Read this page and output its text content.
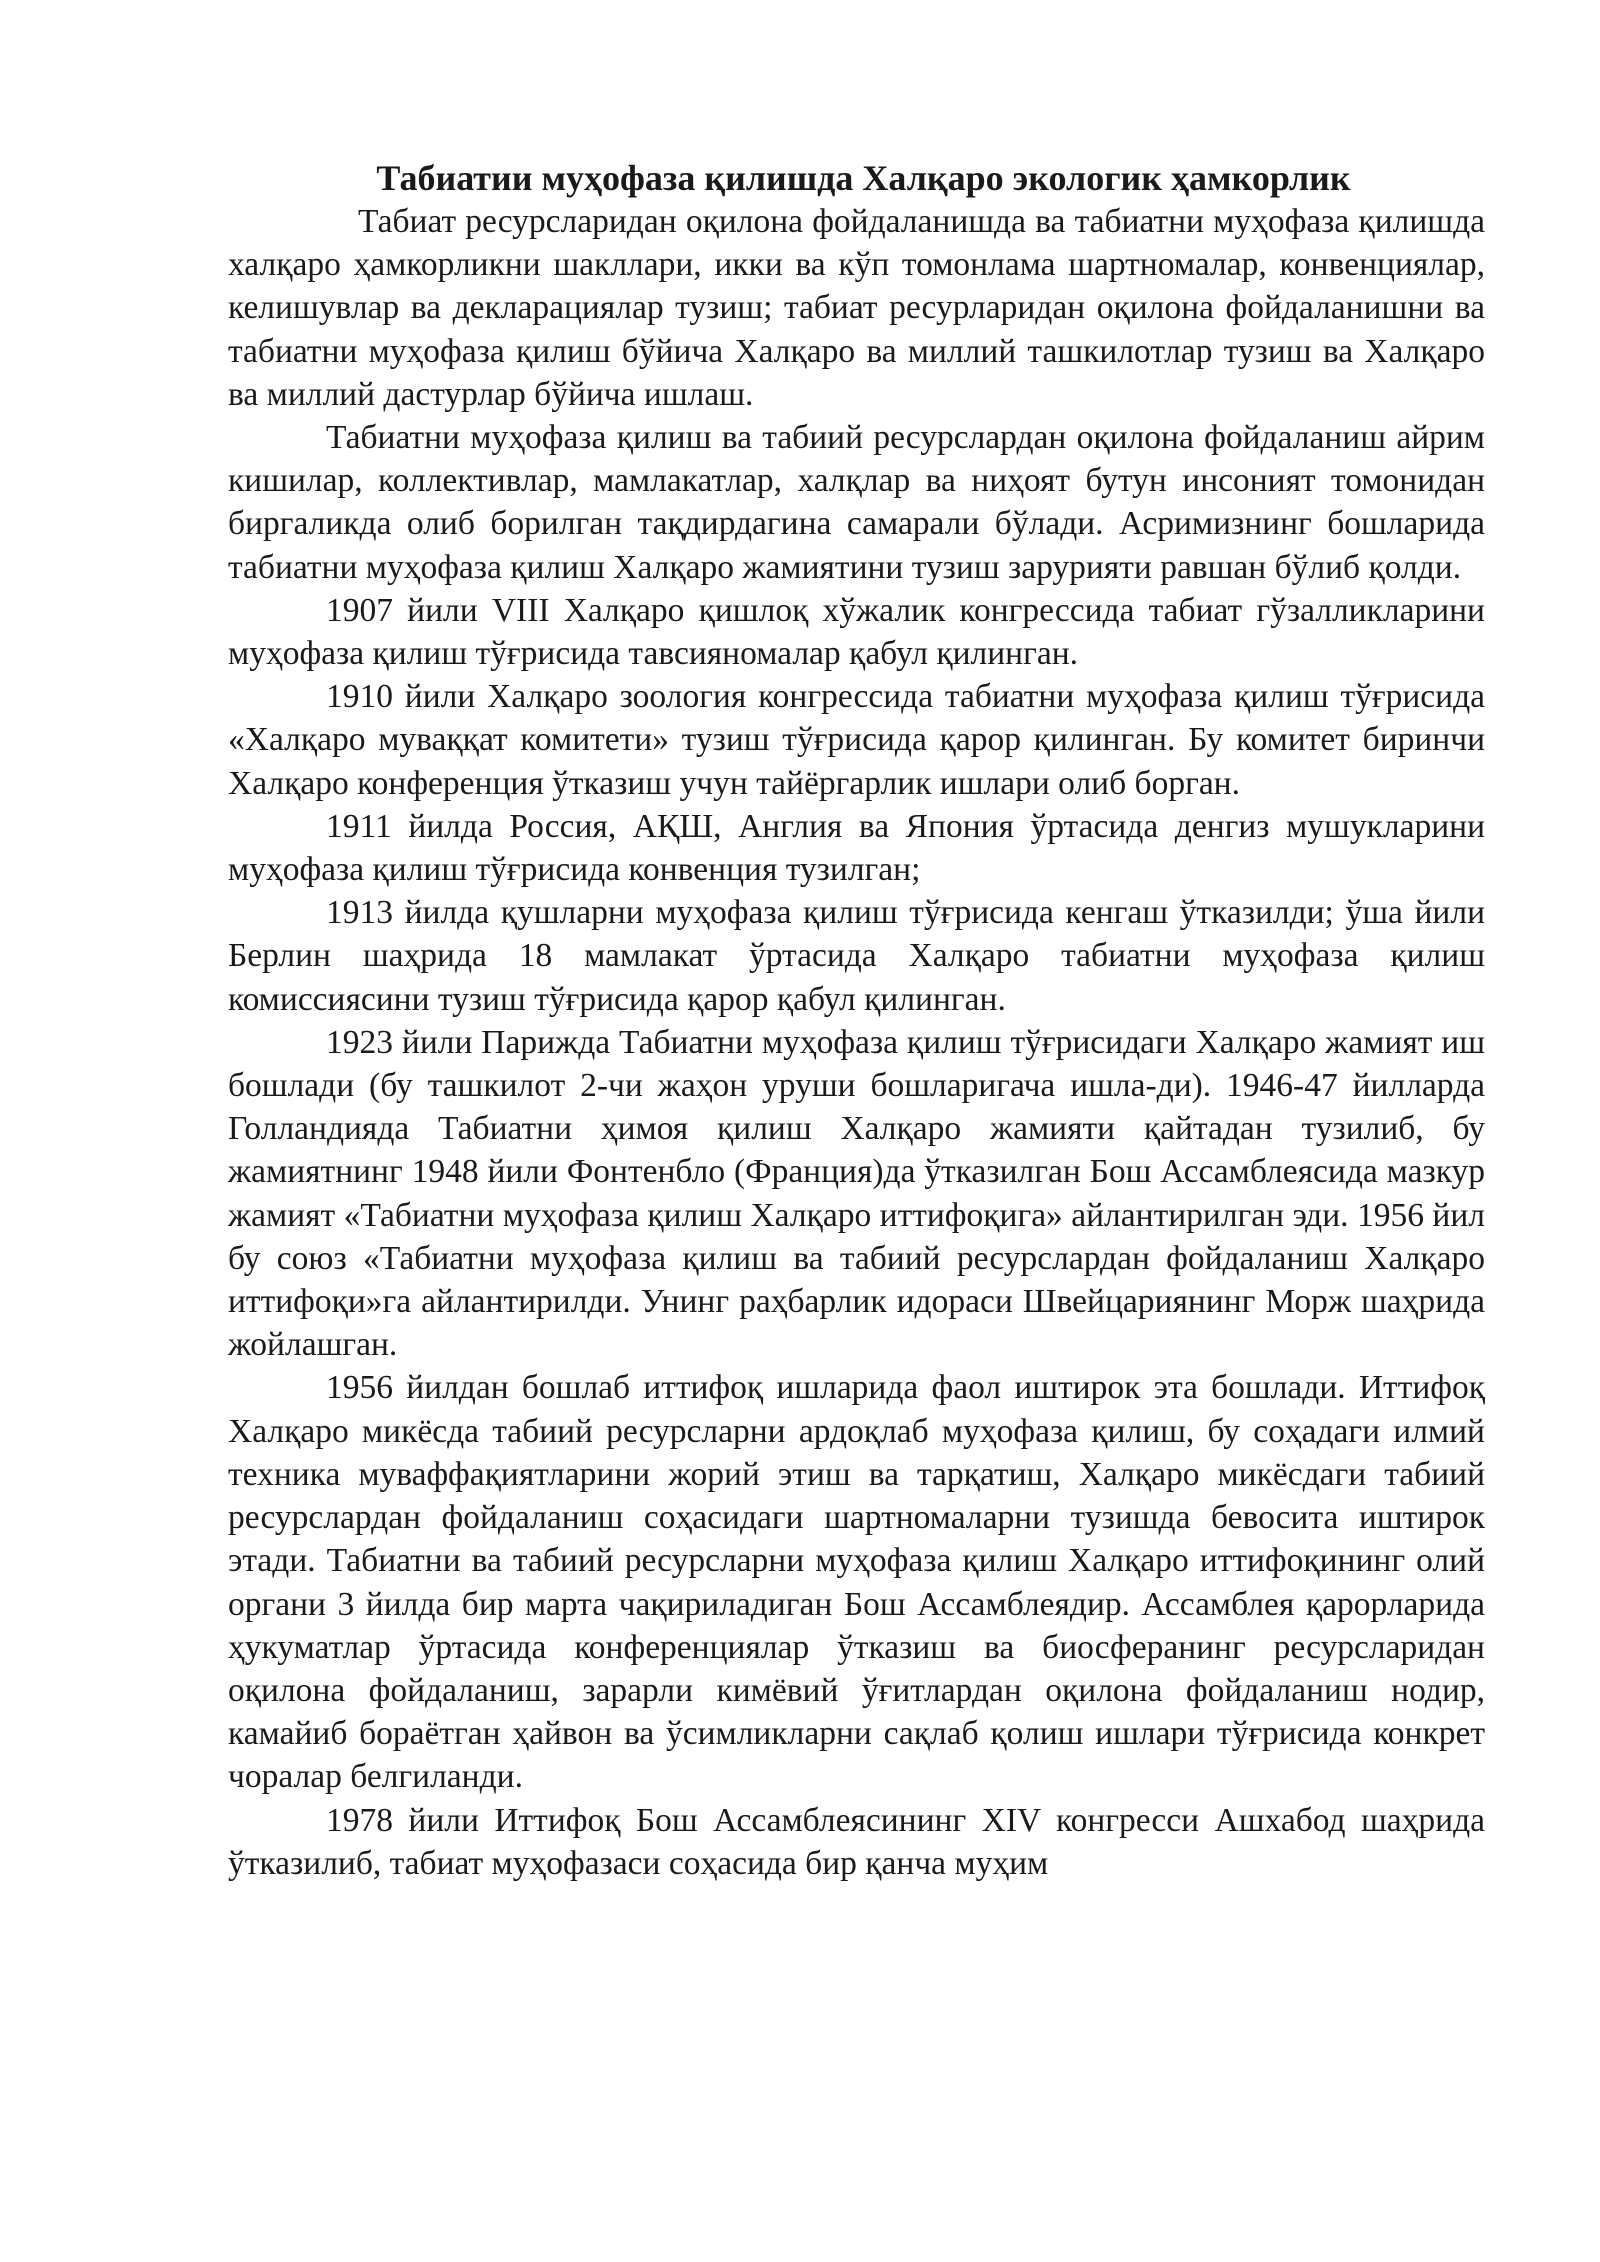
Табиатии муҳофаза қилишда Халқаро экологик ҳамкорлик

Табиат ресурсларидан оқилона фойдаланишда ва табиатни муҳофаза қилишда халқаро ҳамкорликни шакллари, икки ва кўп томонлама шартномалар, конвенциялар, келишувлар ва декларациялар тузиш; табиат ресурларидан оқилона фойдаланишни ва табиатни муҳофаза қилиш бўйича Халқаро ва миллий ташкилотлар тузиш ва Халқаро ва миллий дастурлар бўйича ишлаш.

Табиатни муҳофаза қилиш ва табиий ресурслардан оқилона фойдаланиш айрим кишилар, коллективлар, мамлакатлар, халқлар ва ниҳоят бутун инсоният томонидан биргаликда олиб борилган тақдирдагина самарали бўлади. Асримизнинг бошларида табиатни муҳофаза қилиш Халқаро жамиятини тузиш зарурияти равшан бўлиб қолди.

1907 йили VIII Халқаро қишлоқ хўжалик конгрессида табиат гўзалликларини муҳофаза қилиш тўғрисида тавсияномалар қабул қилинган.

1910 йили Халқаро зоология конгрессида табиатни муҳофаза қилиш тўғрисида «Халқаро муваққат комитети» тузиш тўғрисида қарор қилинган. Бу комитет биринчи Халқаро конференция ўтказиш учун тайёргарлик ишлари олиб борган.

1911 йилда Россия, АҚШ, Англия ва Япония ўртасида денгиз мушукларини муҳофаза қилиш тўғрисида конвенция тузилган;

1913 йилда қушларни муҳофаза қилиш тўғрисида кенгаш ўтказилди; ўша йили Берлин шаҳрида 18 мамлакат ўртасида Халқаро табиатни муҳофаза қилиш комиссиясини тузиш тўғрисида қарор қабул қилинган.

1923 йили Парижда Табиатни муҳофаза қилиш тўғрисидаги Халқаро жамият иш бошлади (бу ташкилот 2-чи жаҳон уруши бошларигача ишла-ди). 1946-47 йилларда Голландияда Табиатни ҳимоя қилиш Халқаро жамияти қайтадан тузилиб, бу жамиятнинг 1948 йили Фонтенбло (Франция)да ўтказилган Бош Ассамблеясида мазкур жамият «Табиатни муҳофаза қилиш Халқаро иттифоқига» айлантирилган эди. 1956 йил бу союз «Табиатни муҳофаза қилиш ва табиий ресурслардан фойдаланиш Халқаро иттифоқи»га айлантирилди. Унинг раҳбарлик идораси Швейцариянинг Морж шаҳрида жойлашган.

1956 йилдан бошлаб иттифоқ ишларида фаол иштирок эта бошлади. Иттифоқ Халқаро микёсда табиий ресурсларни ардоқлаб муҳофаза қилиш, бу соҳадаги илмий техника муваффақиятларини жорий этиш ва тарқатиш, Халқаро микёсдаги табиий ресурслардан фойдаланиш соҳасидаги шартномаларни тузишда бевосита иштирок этади. Табиатни ва табиий ресурсларни муҳофаза қилиш Халқаро иттифоқининг олий органи 3 йилда бир марта чақириладиган Бош Ассамблеядир. Ассамблея қарорларида ҳукуматлар ўртасида конференциялар ўтказиш ва биосферанинг ресурсларидан оқилона фойдаланиш, зарарли кимёвий ўғитлардан оқилона фойдаланиш нодир, камайиб бораётган ҳайвон ва ўсимликларни сақлаб қолиш ишлари тўғрисида конкрет чоралар белгиланди.

1978 йили Иттифоқ Бош Ассамблеясининг XIV конгресси Ашхабод шаҳрида ўтказилиб, табиат муҳофазаси соҳасида бир қанча муҳим
